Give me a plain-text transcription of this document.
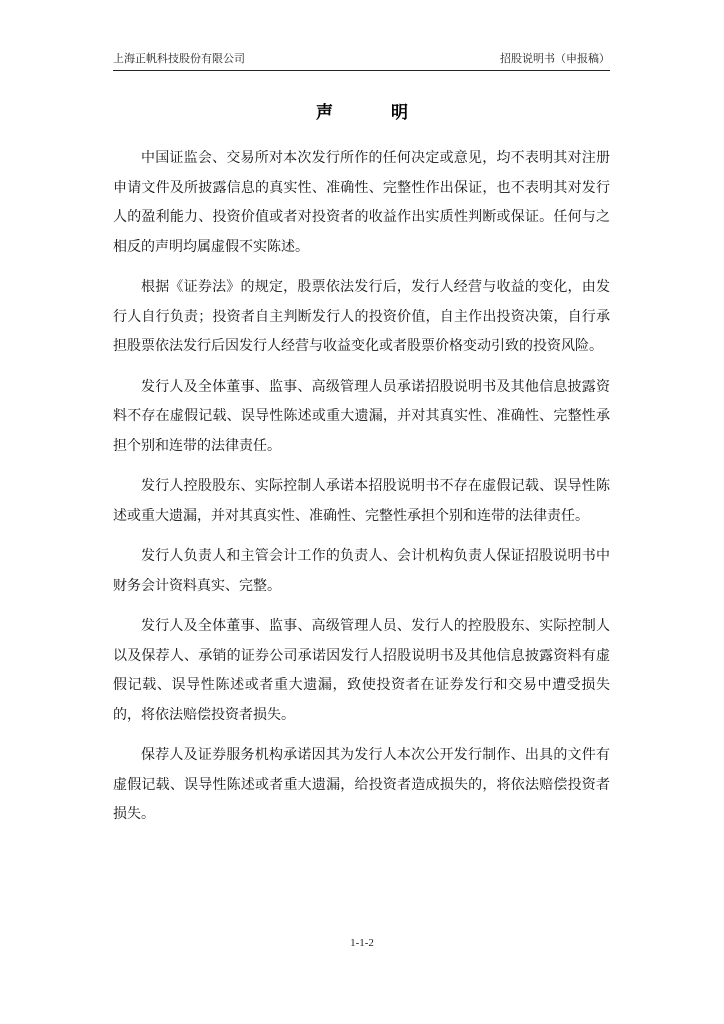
上海正帆科技股份有限公司	招股说明书（申报稿）
声 明

中国证监会、交易所对本次发行所作的任何决定或意见，均不表明其对注册申请文件及所披露信息的真实性、准确性、完整性作出保证，也不表明其对发行人的盈利能力、投资价值或者对投资者的收益作出实质性判断或保证。任何与之相反的声明均属虚假不实陈述。

根据《证券法》的规定，股票依法发行后，发行人经营与收益的变化，由发行人自行负责；投资者自主判断发行人的投资价值，自主作出投资决策，自行承担股票依法发行后因发行人经营与收益变化或者股票价格变动引致的投资风险。

发行人及全体董事、监事、高级管理人员承诺招股说明书及其他信息披露资料不存在虚假记载、误导性陈述或重大遗漏，并对其真实性、准确性、完整性承担个别和连带的法律责任。

发行人控股股东、实际控制人承诺本招股说明书不存在虚假记载、误导性陈述或重大遗漏，并对其真实性、准确性、完整性承担个别和连带的法律责任。

发行人负责人和主管会计工作的负责人、会计机构负责人保证招股说明书中财务会计资料真实、完整。

发行人及全体董事、监事、高级管理人员、发行人的控股股东、实际控制人以及保荐人、承销的证券公司承诺因发行人招股说明书及其他信息披露资料有虚假记载、误导性陈述或者重大遗漏，致使投资者在证券发行和交易中遭受损失的，将依法赔偿投资者损失。

保荐人及证券服务机构承诺因其为发行人本次公开发行制作、出具的文件有虚假记载、误导性陈述或者重大遗漏，给投资者造成损失的，将依法赔偿投资者损失。

1-1-2
